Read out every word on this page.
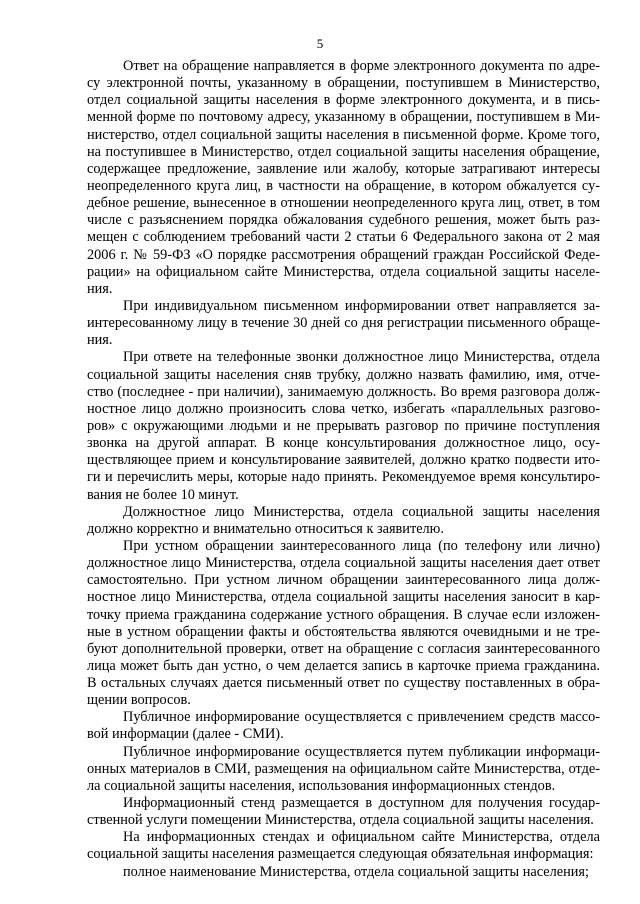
5
Ответ на обращение направляется в форме электронного документа по адре-
су электронной почты, указанному в обращении, поступившем в Министерство,
отдел социальной защиты населения в форме электронного документа, и в пись-
менной форме по почтовому адресу, указанному в обращении, поступившем в Ми-
нистерство, отдел социальной защиты населения в письменной форме. Кроме того,
на поступившее в Министерство, отдел социальной защиты населения обращение,
содержащее предложение, заявление или жалобу, которые затрагивают интересы
неопределенного круга лиц, в частности на обращение, в котором обжалуется су-
дебное решение, вынесенное в отношении неопределенного круга лиц, ответ, в том
числе с разъяснением порядка обжалования судебного решения, может быть раз-
мещен с соблюдением требований части 2 статьи 6 Федерального закона от 2 мая
2006 г. № 59-ФЗ «О порядке рассмотрения обращений граждан Российской Феде-
рации» на официальном сайте Министерства, отдела социальной защиты населе-
ния.
При индивидуальном письменном информировании ответ направляется за-
интересованному лицу в течение 30 дней со дня регистрации письменного обраще-
ния.
При ответе на телефонные звонки должностное лицо Министерства, отдела
социальной защиты населения сняв трубку, должно назвать фамилию, имя, отче-
ство (последнее - при наличии), занимаемую должность. Во время разговора долж-
ностное лицо должно произносить слова четко, избегать «параллельных разгово-
ров» с окружающими людьми и не прерывать разговор по причине поступления
звонка на другой аппарат. В конце консультирования должностное лицо, осу-
ществляющее прием и консультирование заявителей, должно кратко подвести ито-
ги и перечислить меры, которые надо принять. Рекомендуемое время консультиро-
вания не более 10 минут.
Должностное лицо Министерства, отдела социальной защиты населения
должно корректно и внимательно относиться к заявителю.
При устном обращении заинтересованного лица (по телефону или лично)
должностное лицо Министерства, отдела социальной защиты населения дает ответ
самостоятельно. При устном личном обращении заинтересованного лица долж-
ностное лицо Министерства, отдела социальной защиты населения заносит в кар-
точку приема гражданина содержание устного обращения. В случае если изложен-
ные в устном обращении факты и обстоятельства являются очевидными и не тре-
буют дополнительной проверки, ответ на обращение с согласия заинтересованного
лица может быть дан устно, о чем делается запись в карточке приема гражданина.
В остальных случаях дается письменный ответ по существу поставленных в обра-
щении вопросов.
Публичное информирование осуществляется с привлечением средств массо-
вой информации (далее - СМИ).
Публичное информирование осуществляется путем публикации информаци-
онных материалов в СМИ, размещения на официальном сайте Министерства, отде-
ла социальной защиты населения, использования информационных стендов.
Информационный стенд размещается в доступном для получения государ-
ственной услуги помещении Министерства, отдела социальной защиты населения.
На информационных стендах и официальном сайте Министерства, отдела
социальной защиты населения размещается следующая обязательная информация:
полное наименование Министерства, отдела социальной защиты населения;
